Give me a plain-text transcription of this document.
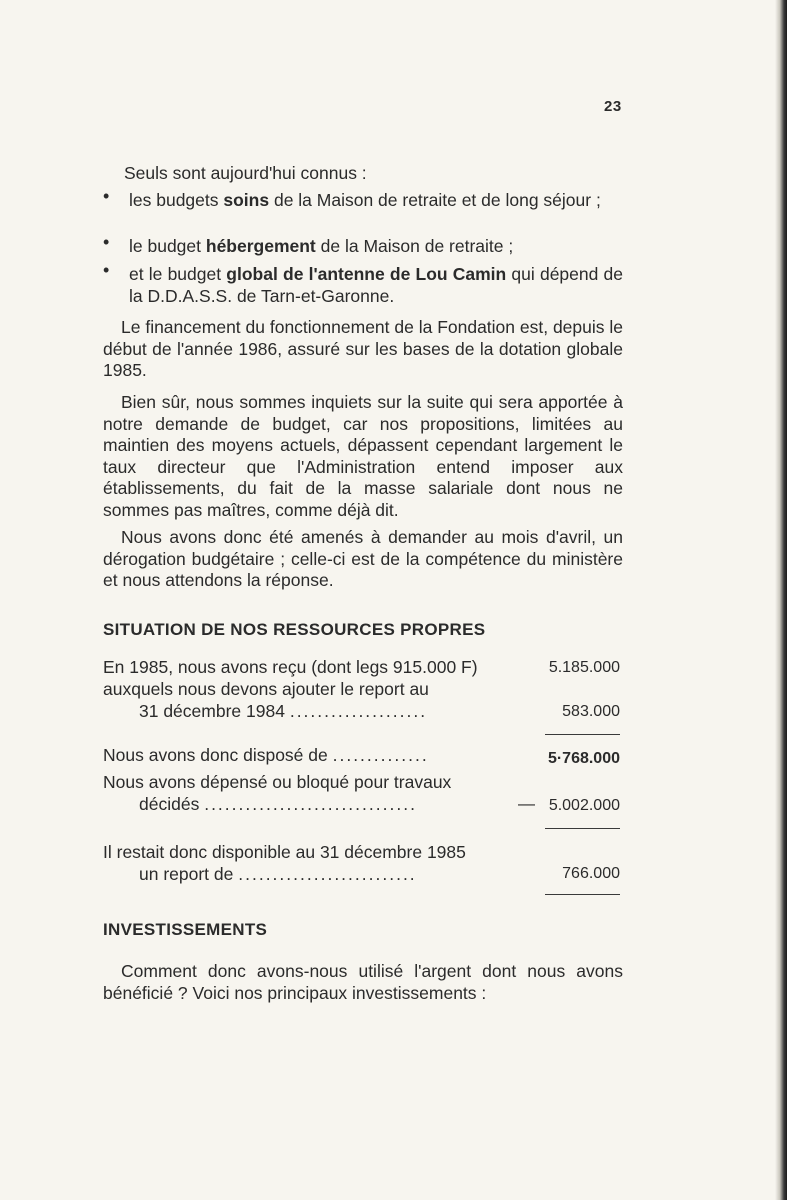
23
Seuls sont aujourd'hui connus :
• les budgets soins de la Maison de retraite et de long séjour ;
• le budget hébergement de la Maison de retraite ;
• et le budget global de l'antenne de Lou Camin qui dépend de la D.D.A.S.S. de Tarn-et-Garonne.
Le financement du fonctionnement de la Fondation est, depuis le début de l'année 1986, assuré sur les bases de la dotation globale 1985.
Bien sûr, nous sommes inquiets sur la suite qui sera apportée à notre demande de budget, car nos propositions, limitées au maintien des moyens actuels, dépassent cependant largement le taux directeur que l'Administration entend imposer aux établissements, du fait de la masse salariale dont nous ne sommes pas maîtres, comme déjà dit.
Nous avons donc été amenés à demander au mois d'avril, un dérogation budgétaire ; celle-ci est de la compétence du ministère et nous attendons la réponse.
SITUATION DE NOS RESSOURCES PROPRES
En 1985, nous avons reçu (dont legs 915.000 F)	5.185.000
auxquels nous devons ajouter le report au
31 décembre 1984 ....................	583.000
Nous avons donc disposé de ..............	5·768.000
Nous avons dépensé ou bloqué pour travaux
décidés ...............................	— 5.002.000
Il restait donc disponible au 31 décembre 1985
un report de ..........................	766.000
INVESTISSEMENTS
Comment donc avons-nous utilisé l'argent dont nous avons bénéficié ? Voici nos principaux investissements :
